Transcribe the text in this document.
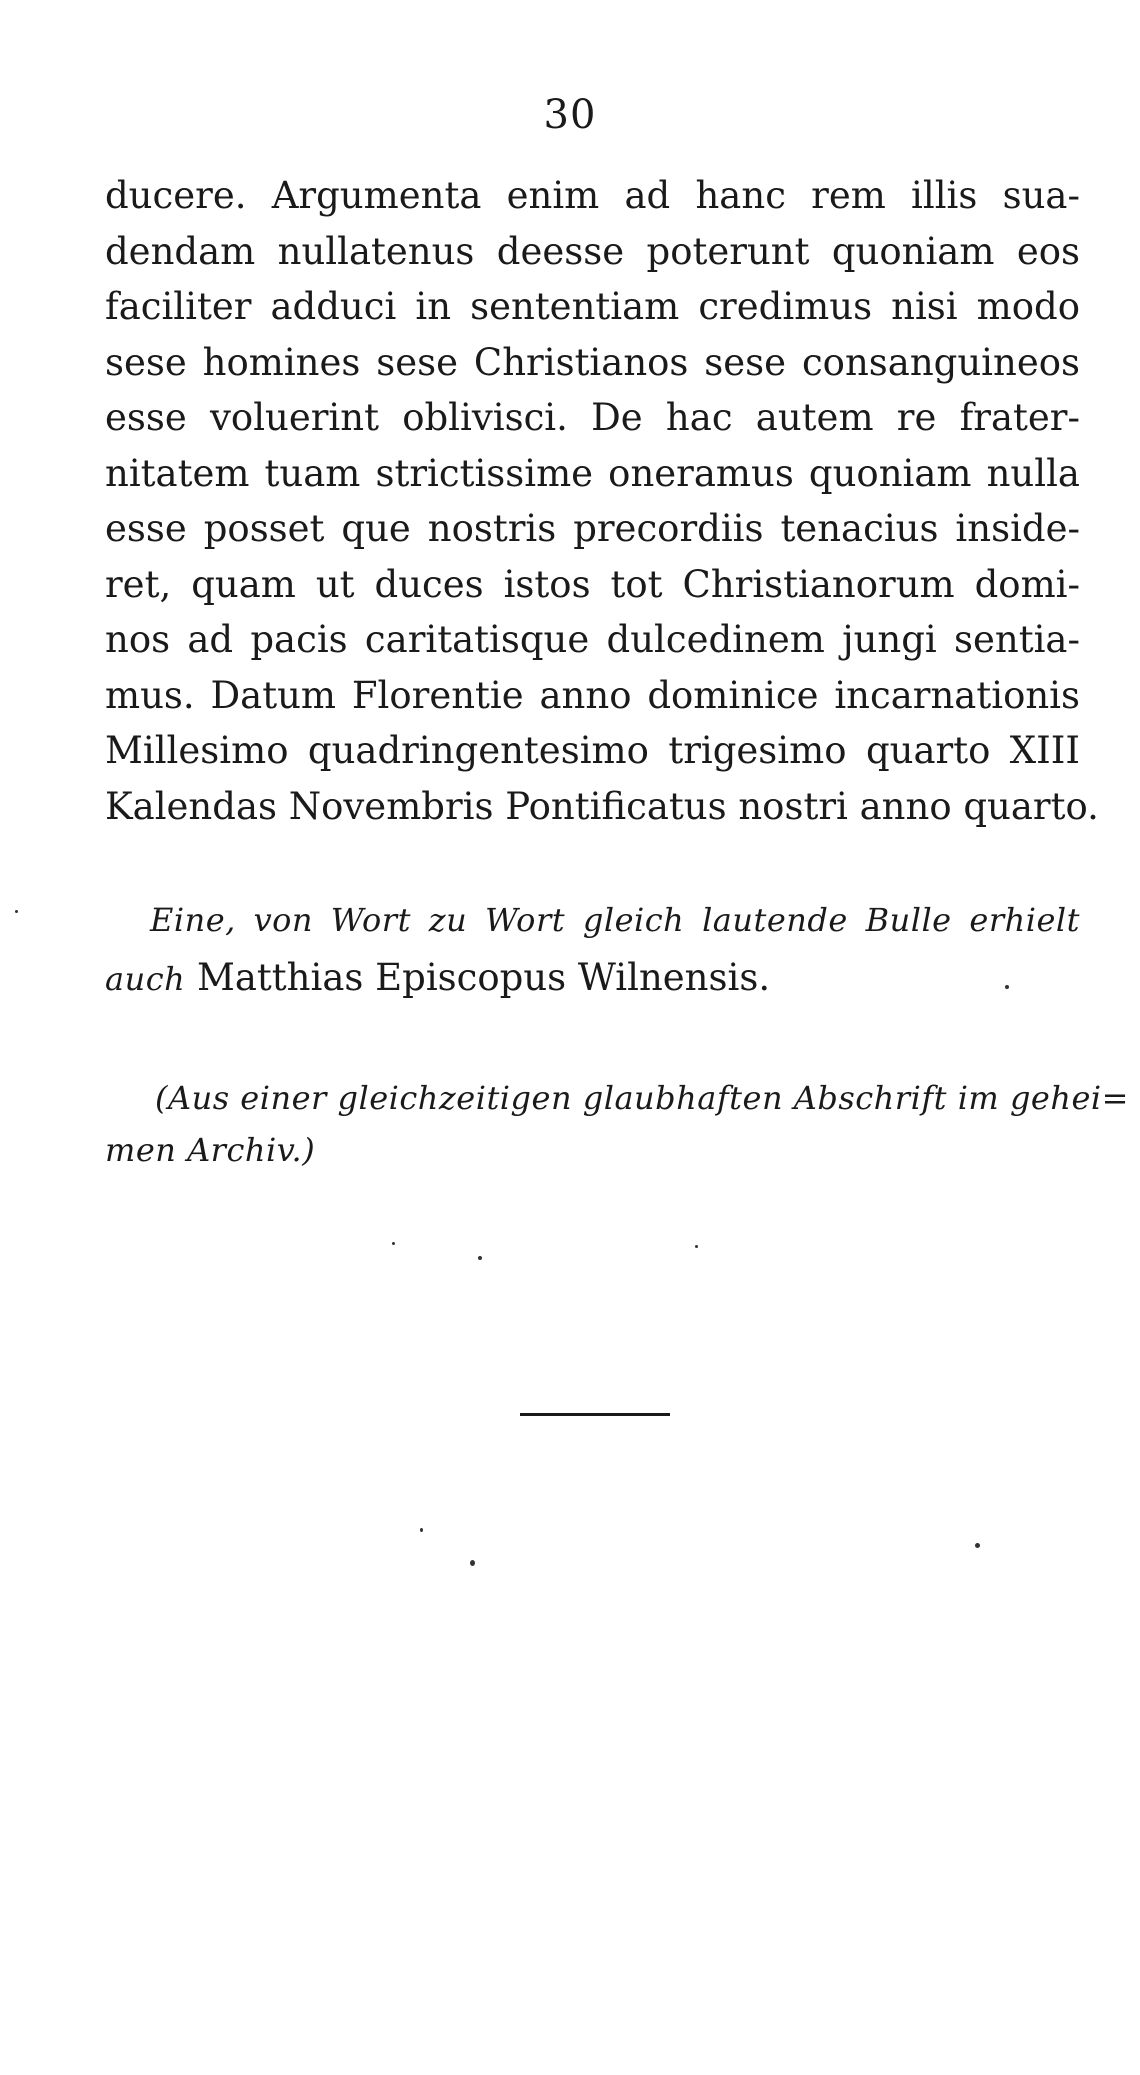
30
ducere. Argumenta enim ad hanc rem illis sua-
dendam nullatenus deesse poterunt quoniam eos
faciliter adduci in sententiam credimus nisi modo
sese homines sese Christianos sese consanguineos
esse voluerint oblivisci. De hac autem re frater-
nitatem tuam strictissime oneramus quoniam nulla
esse posset que nostris precordiis tenacius inside-
ret, quam ut duces istos tot Christianorum domi-
nos ad pacis caritatisque dulcedinem jungi sentia-
mus. Datum Florentie anno dominice incarnationis
Millesimo quadringentesimo trigesimo quarto XIII
Kalendas Novembris Pontificatus nostri anno quarto.
Eine, von Wort zu Wort gleich lautende Bulle erhielt
auch Matthias Episcopus Wilnensis.
(Aus einer gleichzeitigen glaubhaften Abschrift im gehei=
men Archiv.)
